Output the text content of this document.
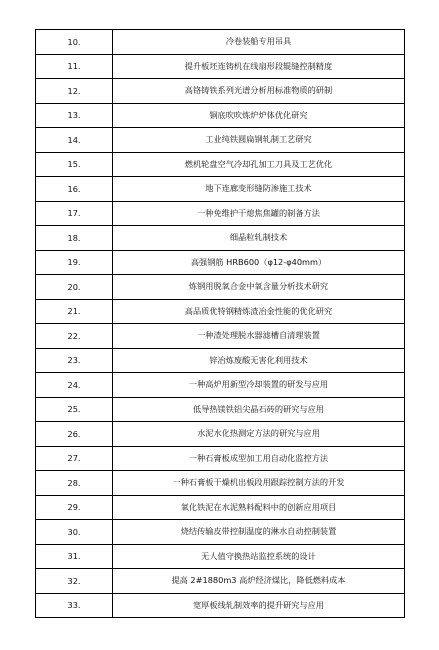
10.	冷卷装船专用吊具
11.	提升板坯连铸机在线扇形段辊缝控制精度
12.	高铬铸铁系列光谱分析用标准物质的研制
13.	铜底吹吹炼炉炉体优化研究
14.	工业纯铁圆扁钢轧制工艺研究
15.	燃机轮盘空气冷却孔加工刀具及工艺优化
16.	地下连廊变形缝防渗施工技术
17.	一种免维护干熄焦焦罐的制备方法
18.	细晶粒轧制技术
19.	高强钢筋 HRB600（φ12-φ40mm）
20.	炼钢用脱氧合金中氧含量分析技术研究
21.	高品质优特钢精炼渣冶金性能的优化研究
22.	一种渣处理脱水器滤槽自清理装置
23.	锌冶炼废酸无害化利用技术
24.	一种高炉用新型冷却装置的研发与应用
25.	低导热镁铁铝尖晶石砖的研究与应用
26.	水泥水化热测定方法的研究与应用
27.	一种石膏板成型加工用自动化监控方法
28.	一种石膏板干燥机出板段用跟踪控制方法的开发
29.	氧化铁泥在水泥熟料配料中的创新应用项目
30.	烧结传输皮带控制温度的淋水自动控制装置
31.	无人值守换热站监控系统的设计
32.	提高 2#1880m3 高炉经济煤比，降低燃料成本
33.	宽厚板线轧制效率的提升研究与应用
